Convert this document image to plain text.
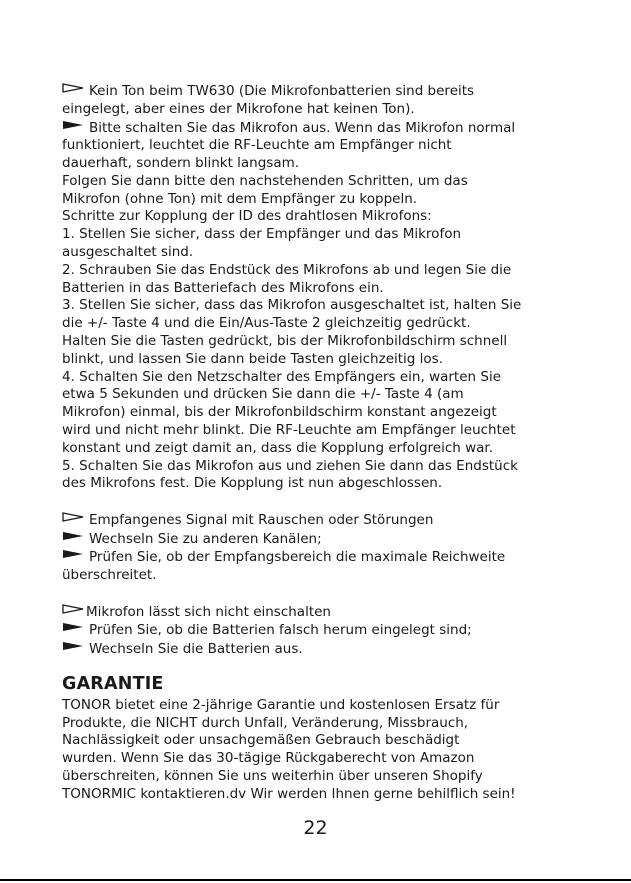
Kein Ton beim TW630 (Die Mikrofonbatterien sind bereits
eingelegt, aber eines der Mikrofone hat keinen Ton).
Bitte schalten Sie das Mikrofon aus. Wenn das Mikrofon normal
funktioniert, leuchtet die RF-Leuchte am Empfänger nicht
dauerhaft, sondern blinkt langsam.
Folgen Sie dann bitte den nachstehenden Schritten, um das
Mikrofon (ohne Ton) mit dem Empfänger zu koppeln.
Schritte zur Kopplung der ID des drahtlosen Mikrofons:
1. Stellen Sie sicher, dass der Empfänger und das Mikrofon
ausgeschaltet sind.
2. Schrauben Sie das Endstück des Mikrofons ab und legen Sie die
Batterien in das Batteriefach des Mikrofons ein.
3. Stellen Sie sicher, dass das Mikrofon ausgeschaltet ist, halten Sie
die +/- Taste 4 und die Ein/Aus-Taste 2 gleichzeitig gedrückt.
Halten Sie die Tasten gedrückt, bis der Mikrofonbildschirm schnell
blinkt, und lassen Sie dann beide Tasten gleichzeitig los.
4. Schalten Sie den Netzschalter des Empfängers ein, warten Sie
etwa 5 Sekunden und drücken Sie dann die +/- Taste 4 (am
Mikrofon) einmal, bis der Mikrofonbildschirm konstant angezeigt
wird und nicht mehr blinkt. Die RF-Leuchte am Empfänger leuchtet
konstant und zeigt damit an, dass die Kopplung erfolgreich war.
5. Schalten Sie das Mikrofon aus und ziehen Sie dann das Endstück
des Mikrofons fest. Die Kopplung ist nun abgeschlossen.
Empfangenes Signal mit Rauschen oder Störungen
Wechseln Sie zu anderen Kanälen;
Prüfen Sie, ob der Empfangsbereich die maximale Reichweite
überschreitet.
Mikrofon lässt sich nicht einschalten
Prüfen Sie, ob die Batterien falsch herum eingelegt sind;
Wechseln Sie die Batterien aus.
GARANTIE
TONOR bietet eine 2-jährige Garantie und kostenlosen Ersatz für
Produkte, die NICHT durch Unfall, Veränderung, Missbrauch,
Nachlässigkeit oder unsachgemäßen Gebrauch beschädigt
wurden. Wenn Sie das 30-tägige Rückgaberecht von Amazon
überschreiten, können Sie uns weiterhin über unseren Shopify
TONORMIC kontaktieren.dv Wir werden Ihnen gerne behilflich sein!
22
